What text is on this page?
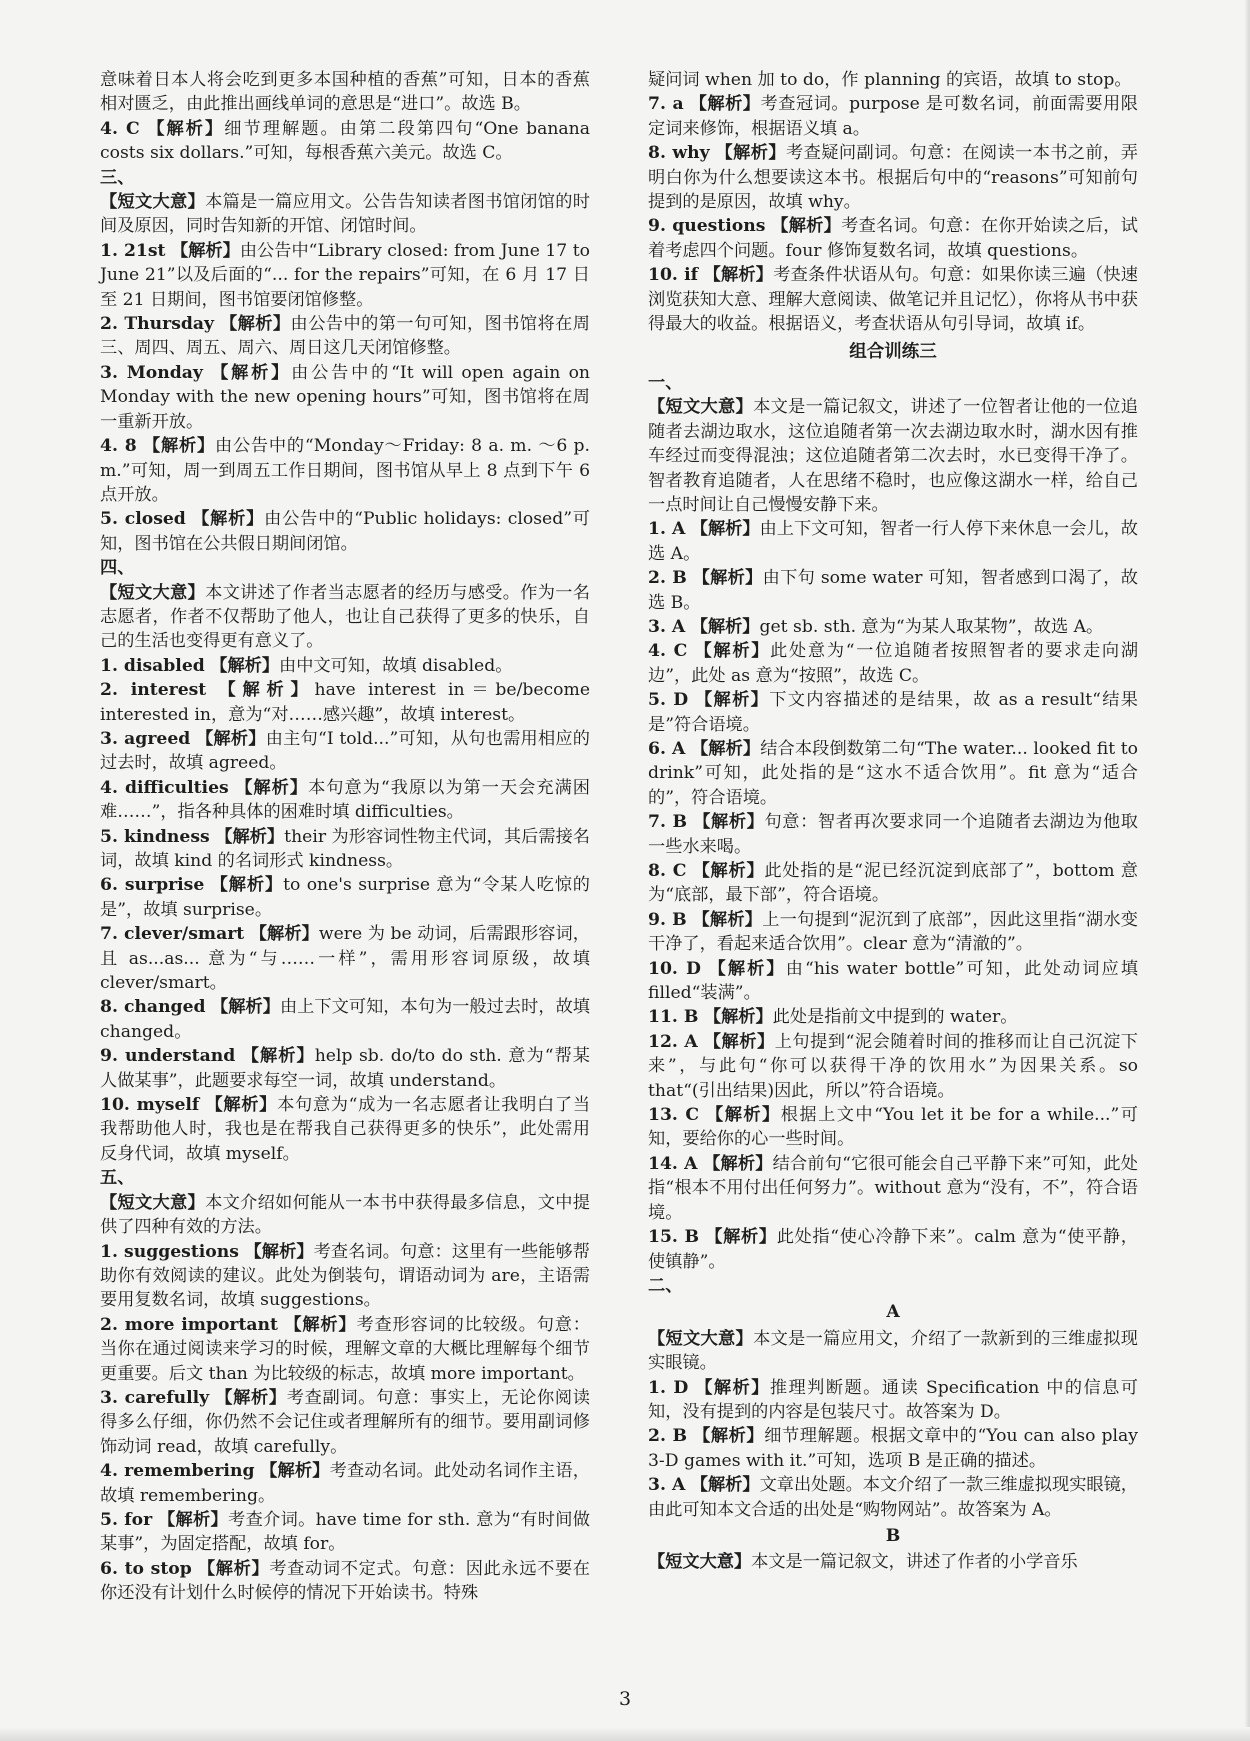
意味着日本人将会吃到更多本国种植的香蕉”可知，日本的香蕉相对匮乏，由此推出画线单词的意思是“进口”。故选 B。
4. C 【解析】细节理解题。由第二段第四句“One banana costs six dollars.”可知，每根香蕉六美元。故选 C。
三、
【短文大意】本篇是一篇应用文。公告告知读者图书馆闭馆的时间及原因，同时告知新的开馆、闭馆时间。
1. 21st 【解析】由公告中“Library closed: from June 17 to June 21”以及后面的“... for the repairs”可知，在 6 月 17 日至 21 日期间，图书馆要闭馆修整。
2. Thursday 【解析】由公告中的第一句可知，图书馆将在周三、周四、周五、周六、周日这几天闭馆修整。
3. Monday 【解析】由公告中的“It will open again on Monday with the new opening hours”可知，图书馆将在周一重新开放。
4. 8 【解析】由公告中的“Monday～Friday: 8 a. m. ～6 p. m.”可知，周一到周五工作日期间，图书馆从早上 8 点到下午 6 点开放。
5. closed 【解析】由公告中的“Public holidays: closed”可知，图书馆在公共假日期间闭馆。
四、
【短文大意】本文讲述了作者当志愿者的经历与感受。作为一名志愿者，作者不仅帮助了他人，也让自己获得了更多的快乐，自己的生活也变得更有意义了。
1. disabled 【解析】由中文可知，故填 disabled。
2. interest 【解析】have interest in＝be/become interested in，意为“对……感兴趣”，故填 interest。
3. agreed 【解析】由主句“I told...”可知，从句也需用相应的过去时，故填 agreed。
4. difficulties 【解析】本句意为“我原以为第一天会充满困难……”，指各种具体的困难时填 difficulties。
5. kindness 【解析】their 为形容词性物主代词，其后需接名词，故填 kind 的名词形式 kindness。
6. surprise 【解析】to one's surprise 意为“令某人吃惊的是”，故填 surprise。
7. clever/smart 【解析】were 为 be 动词，后需跟形容词，且 as...as... 意为“与……一样”，需用形容词原级，故填 clever/smart。
8. changed 【解析】由上下文可知，本句为一般过去时，故填 changed。
9. understand 【解析】help sb. do/to do sth. 意为“帮某人做某事”，此题要求每空一词，故填 understand。
10. myself 【解析】本句意为“成为一名志愿者让我明白了当我帮助他人时，我也是在帮我自己获得更多的快乐”，此处需用反身代词，故填 myself。
五、
【短文大意】本文介绍如何能从一本书中获得最多信息，文中提供了四种有效的方法。
1. suggestions 【解析】考查名词。句意：这里有一些能够帮助你有效阅读的建议。此处为倒装句，谓语动词为 are，主语需要用复数名词，故填 suggestions。
2. more important 【解析】考查形容词的比较级。句意：当你在通过阅读来学习的时候，理解文章的大概比理解每个细节更重要。后文 than 为比较级的标志，故填 more important。
3. carefully 【解析】考查副词。句意：事实上，无论你阅读得多么仔细，你仍然不会记住或者理解所有的细节。要用副词修饰动词 read，故填 carefully。
4. remembering 【解析】考查动名词。此处动名词作主语，故填 remembering。
5. for 【解析】考查介词。have time for sth. 意为“有时间做某事”，为固定搭配，故填 for。
6. to stop 【解析】考查动词不定式。句意：因此永远不要在你还没有计划什么时候停的情况下开始读书。特殊
疑问词 when 加 to do，作 planning 的宾语，故填 to stop。
7. a 【解析】考查冠词。purpose 是可数名词，前面需要用限定词来修饰，根据语义填 a。
8. why 【解析】考查疑问副词。句意：在阅读一本书之前，弄明白你为什么想要读这本书。根据后句中的“reasons”可知前句提到的是原因，故填 why。
9. questions 【解析】考查名词。句意：在你开始读之后，试着考虑四个问题。four 修饰复数名词，故填 questions。
10. if 【解析】考查条件状语从句。句意：如果你读三遍（快速浏览获知大意、理解大意阅读、做笔记并且记忆），你将从书中获得最大的收益。根据语义，考查状语从句引导词，故填 if。
组合训练三
一、
【短文大意】本文是一篇记叙文，讲述了一位智者让他的一位追随者去湖边取水，这位追随者第一次去湖边取水时，湖水因有推车经过而变得混浊；这位追随者第二次去时，水已变得干净了。智者教育追随者，人在思绪不稳时，也应像这湖水一样，给自己一点时间让自己慢慢安静下来。
1. A 【解析】由上下文可知，智者一行人停下来休息一会儿，故选 A。
2. B 【解析】由下句 some water 可知，智者感到口渴了，故选 B。
3. A 【解析】get sb. sth. 意为“为某人取某物”，故选 A。
4. C 【解析】此处意为“一位追随者按照智者的要求走向湖边”，此处 as 意为“按照”，故选 C。
5. D 【解析】下文内容描述的是结果，故 as a result“结果是”符合语境。
6. A 【解析】结合本段倒数第二句“The water... looked fit to drink”可知，此处指的是“这水不适合饮用”。fit 意为“适合的”，符合语境。
7. B 【解析】句意：智者再次要求同一个追随者去湖边为他取一些水来喝。
8. C 【解析】此处指的是“泥已经沉淀到底部了”，bottom 意为“底部，最下部”，符合语境。
9. B 【解析】上一句提到“泥沉到了底部”，因此这里指“湖水变干净了，看起来适合饮用”。clear 意为“清澈的”。
10. D 【解析】由“his water bottle”可知，此处动词应填 filled“装满”。
11. B 【解析】此处是指前文中提到的 water。
12. A 【解析】上句提到“泥会随着时间的推移而让自己沉淀下来”，与此句“你可以获得干净的饮用水”为因果关系。so that“(引出结果)因此，所以”符合语境。
13. C 【解析】根据上文中“You let it be for a while...”可知，要给你的心一些时间。
14. A 【解析】结合前句“它很可能会自己平静下来”可知，此处指“根本不用付出任何努力”。without 意为“没有，不”，符合语境。
15. B 【解析】此处指“使心冷静下来”。calm 意为“使平静，使镇静”。
二、
A
【短文大意】本文是一篇应用文，介绍了一款新到的三维虚拟现实眼镜。
1. D 【解析】推理判断题。通读 Specification 中的信息可知，没有提到的内容是包装尺寸。故答案为 D。
2. B 【解析】细节理解题。根据文章中的“You can also play 3-D games with it.”可知，选项 B 是正确的描述。
3. A 【解析】文章出处题。本文介绍了一款三维虚拟现实眼镜，由此可知本文合适的出处是“购物网站”。故答案为 A。
B
【短文大意】本文是一篇记叙文，讲述了作者的小学音乐
3
